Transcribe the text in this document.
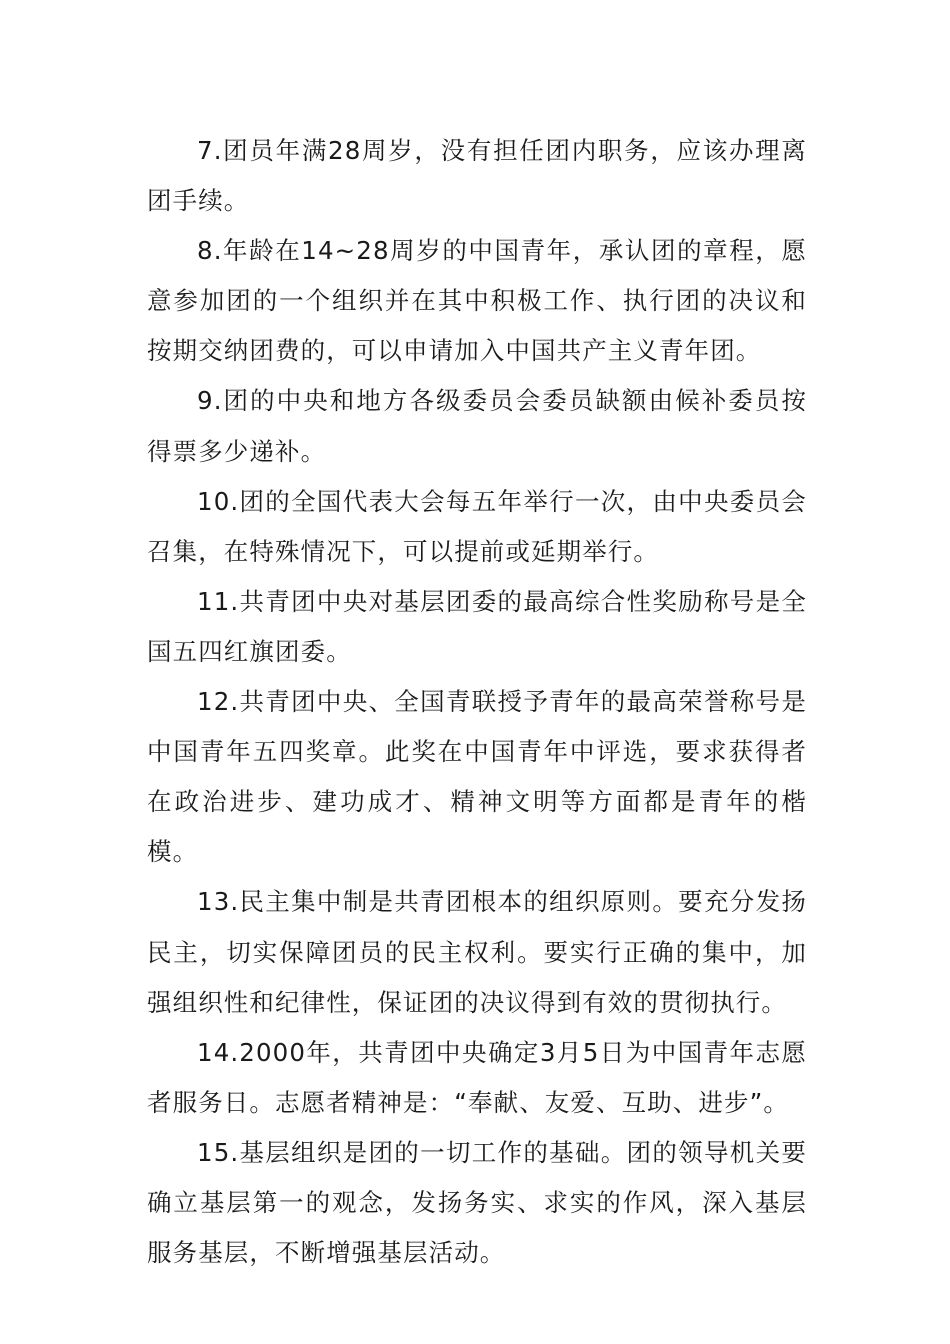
7.团员年满28周岁，没有担任团内职务，应该办理离团手续。

8.年龄在14~28周岁的中国青年，承认团的章程，愿意参加团的一个组织并在其中积极工作、执行团的决议和按期交纳团费的，可以申请加入中国共产主义青年团。

9.团的中央和地方各级委员会委员缺额由候补委员按得票多少递补。

10.团的全国代表大会每五年举行一次，由中央委员会召集，在特殊情况下，可以提前或延期举行。

11.共青团中央对基层团委的最高综合性奖励称号是全国五四红旗团委。

12.共青团中央、全国青联授予青年的最高荣誉称号是中国青年五四奖章。此奖在中国青年中评选，要求获得者在政治进步、建功成才、精神文明等方面都是青年的楷模。

13.民主集中制是共青团根本的组织原则。要充分发扬民主，切实保障团员的民主权利。要实行正确的集中，加强组织性和纪律性，保证团的决议得到有效的贯彻执行。

14.2000年，共青团中央确定3月5日为中国青年志愿者服务日。志愿者精神是：“奉献、友爱、互助、进步”。

15.基层组织是团的一切工作的基础。团的领导机关要确立基层第一的观念，发扬务实、求实的作风，深入基层服务基层，不断增强基层活动。
